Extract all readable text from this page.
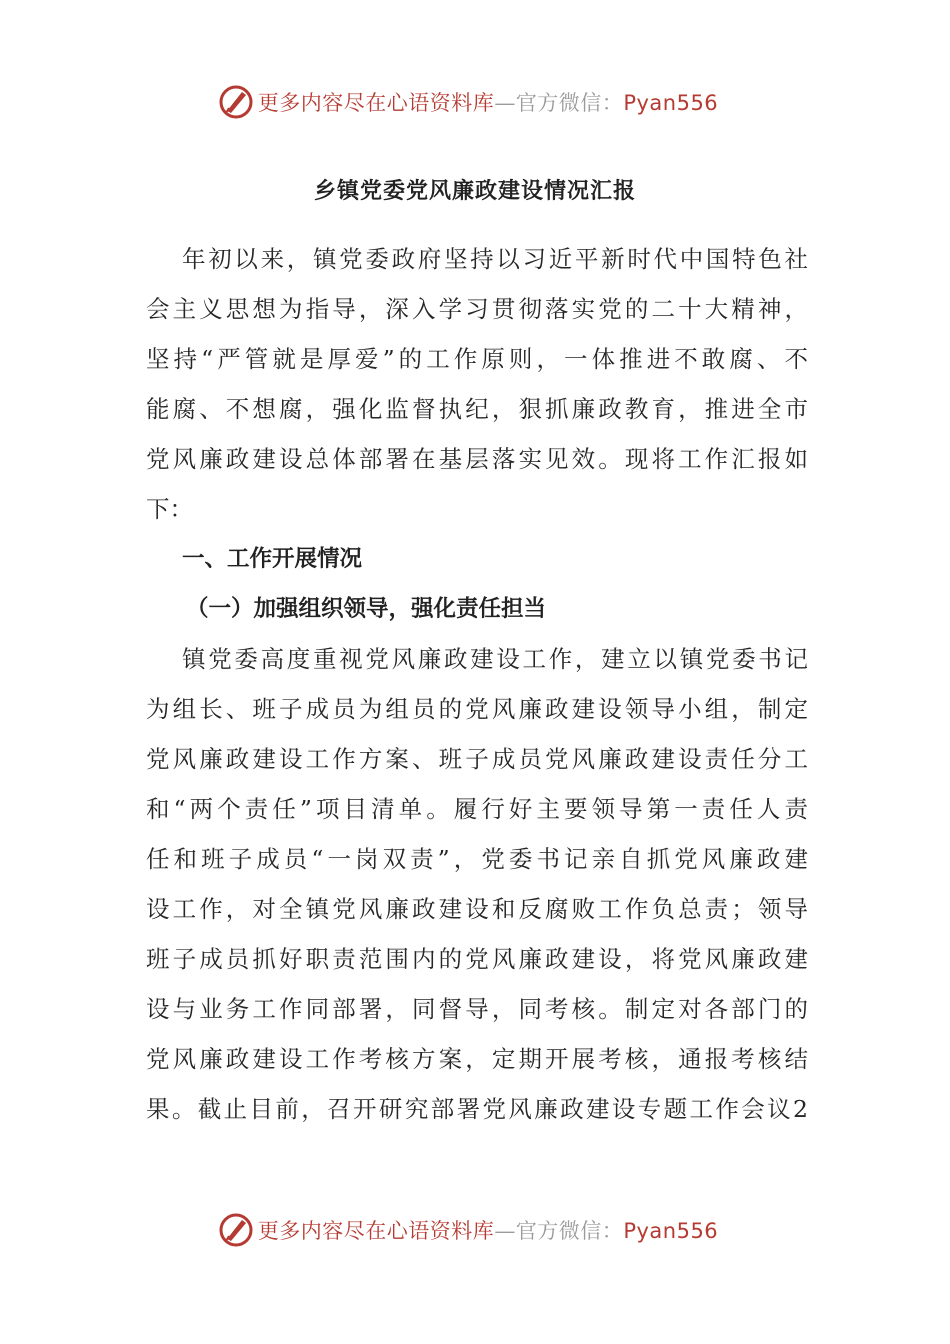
更多内容尽在心语资料库—官方微信：Pyan556
乡镇党委党风廉政建设情况汇报
年初以来，镇党委政府坚持以习近平新时代中国特色社
会主义思想为指导，深入学习贯彻落实党的二十大精神，
坚持“严管就是厚爱”的工作原则，一体推进不敢腐、不
能腐、不想腐，强化监督执纪，狠抓廉政教育，推进全市
党风廉政建设总体部署在基层落实见效。现将工作汇报如
下：
一、工作开展情况
（一）加强组织领导，强化责任担当
镇党委高度重视党风廉政建设工作，建立以镇党委书记
为组长、班子成员为组员的党风廉政建设领导小组，制定
党风廉政建设工作方案、班子成员党风廉政建设责任分工
和“两个责任”项目清单。履行好主要领导第一责任人责
任和班子成员“一岗双责”，党委书记亲自抓党风廉政建
设工作，对全镇党风廉政建设和反腐败工作负总责；领导
班子成员抓好职责范围内的党风廉政建设，将党风廉政建
设与业务工作同部署，同督导，同考核。制定对各部门的
党风廉政建设工作考核方案，定期开展考核，通报考核结
果。截止目前，召开研究部署党风廉政建设专题工作会议2
更多内容尽在心语资料库—官方微信：Pyan556
